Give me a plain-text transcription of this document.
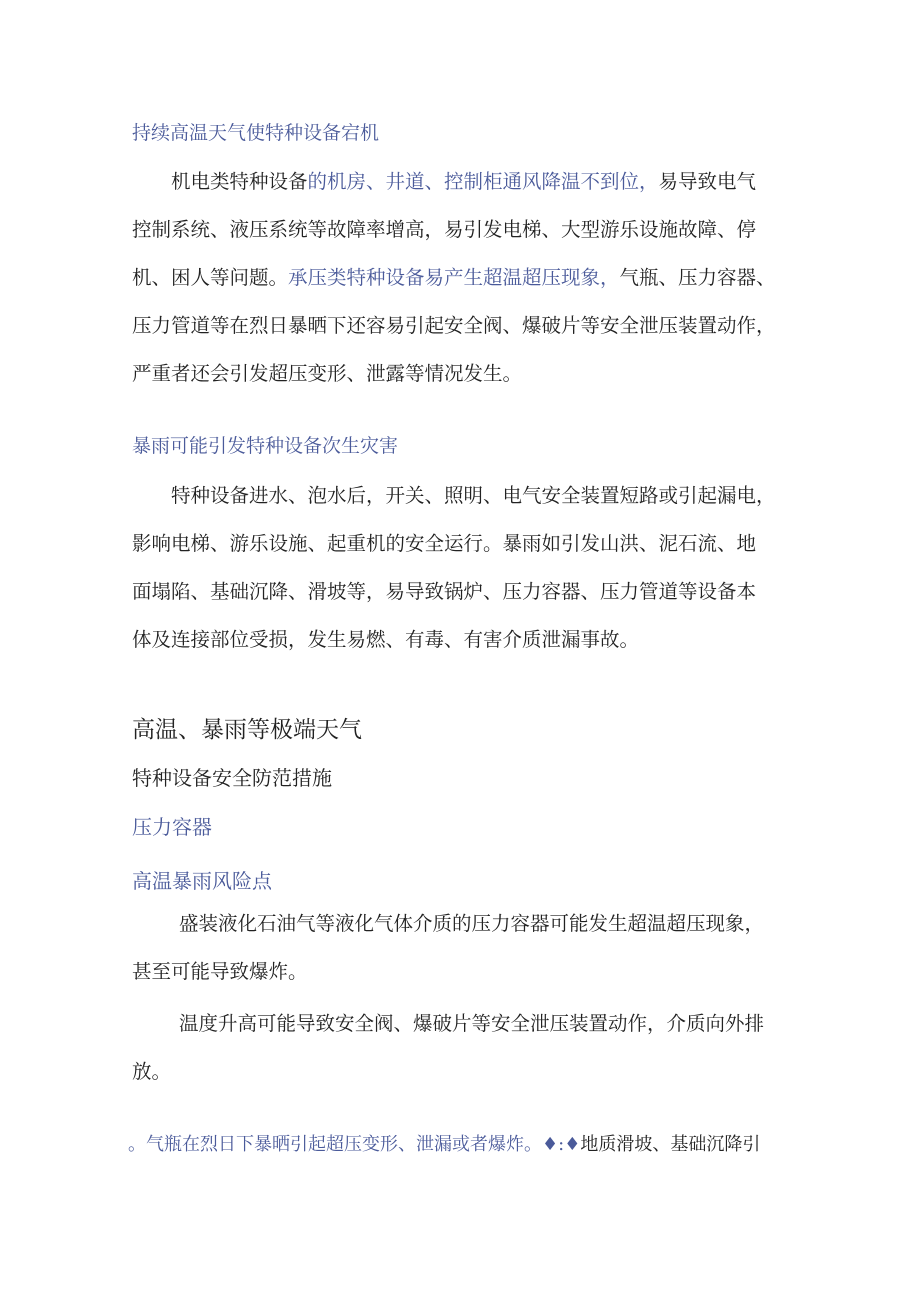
持续高温天气使特种设备宕机
机电类特种设备的机房、井道、控制柜通风降温不到位，易导致电气
控制系统、液压系统等故障率增高，易引发电梯、大型游乐设施故障、停
机、困人等问题。承压类特种设备易产生超温超压现象，气瓶、压力容器、
压力管道等在烈日暴晒下还容易引起安全阀、爆破片等安全泄压装置动作，
严重者还会引发超压变形、泄露等情况发生。
暴雨可能引发特种设备次生灾害
特种设备进水、泡水后，开关、照明、电气安全装置短路或引起漏电，
影响电梯、游乐设施、起重机的安全运行。暴雨如引发山洪、泥石流、地
面塌陷、基础沉降、滑坡等，易导致锅炉、压力容器、压力管道等设备本
体及连接部位受损，发生易燃、有毒、有害介质泄漏事故。
高温、暴雨等极端天气
特种设备安全防范措施
压力容器
高温暴雨风险点
盛装液化石油气等液化气体介质的压力容器可能发生超温超压现象，
甚至可能导致爆炸。
温度升高可能导致安全阀、爆破片等安全泄压装置动作，介质向外排
放。
。气瓶在烈日下暴晒引起超压变形、泄漏或者爆炸。♦:♦地质滑坡、基础沉降引
